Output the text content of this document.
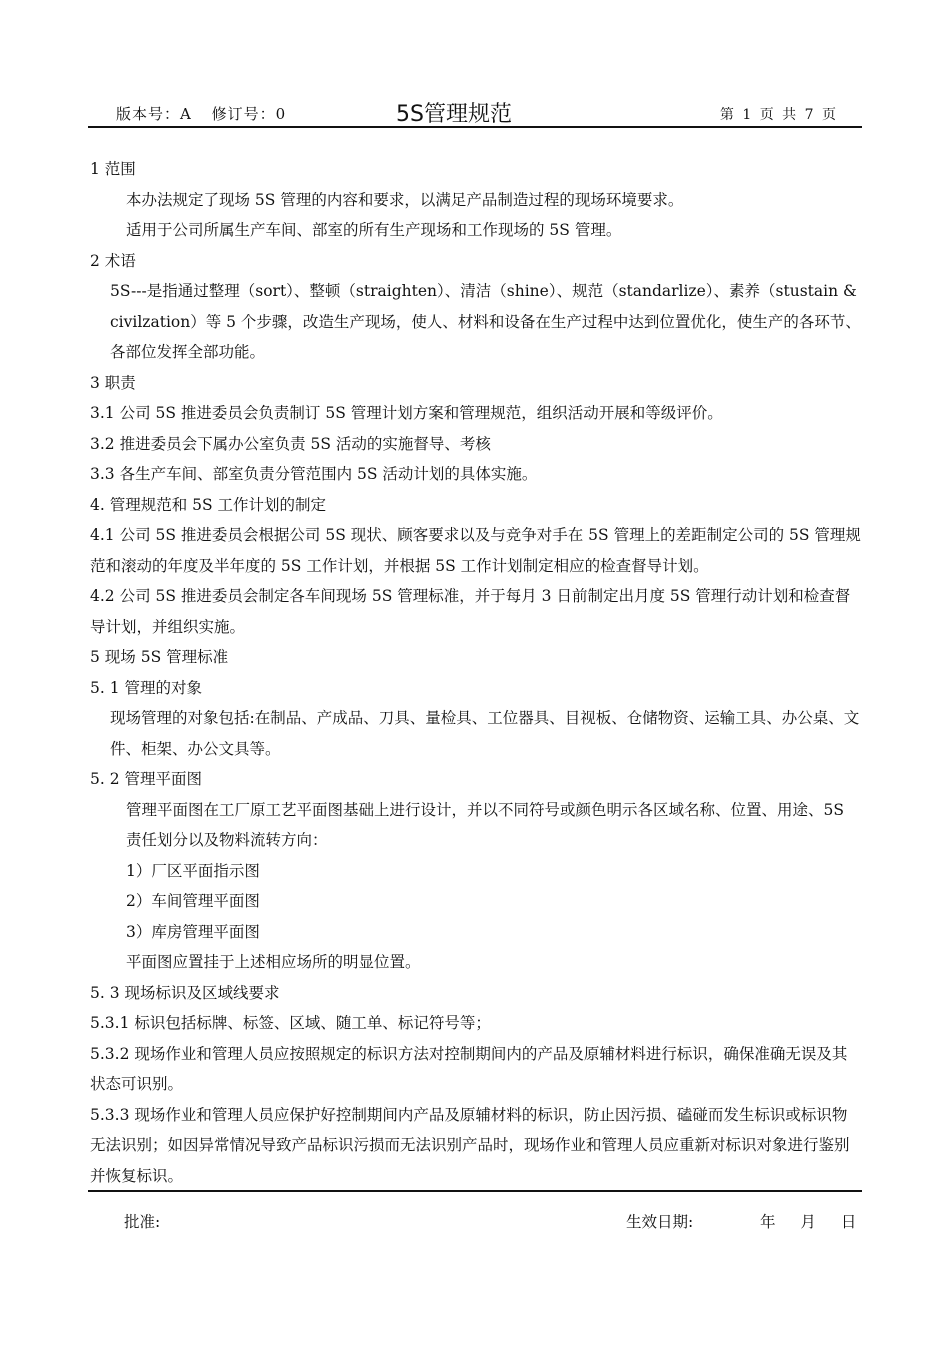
版本号：A 修订号：0	5S管理规范	第 1 页 共 7 页

1 范围

本办法规定了现场 5S 管理的内容和要求，以满足产品制造过程的现场环境要求。

适用于公司所属生产车间、部室的所有生产现场和工作现场的 5S 管理。

2 术语

5S---是指通过整理（sort）、整顿（straighten）、清洁（shine）、规范（standarlize）、素养（stustain & civilzation）等 5 个步骤，改造生产现场，使人、材料和设备在生产过程中达到位置优化，使生产的各环节、各部位发挥全部功能。

3 职责

3.1 公司 5S 推进委员会负责制订 5S 管理计划方案和管理规范，组织活动开展和等级评价。

3.2 推进委员会下属办公室负责 5S 活动的实施督导、考核

3.3 各生产车间、部室负责分管范围内 5S 活动计划的具体实施。

4. 管理规范和 5S 工作计划的制定

4.1 公司 5S 推进委员会根据公司 5S 现状、顾客要求以及与竞争对手在 5S 管理上的差距制定公司的 5S 管理规范和滚动的年度及半年度的 5S 工作计划，并根据 5S 工作计划制定相应的检查督导计划。

4.2 公司 5S 推进委员会制定各车间现场 5S 管理标准，并于每月 3 日前制定出月度 5S 管理行动计划和检查督导计划，并组织实施。

5 现场 5S 管理标准

5. 1 管理的对象

现场管理的对象包括:在制品、产成品、刀具、量检具、工位器具、目视板、仓储物资、运输工具、办公桌、文件、柜架、办公文具等。

5. 2 管理平面图

管理平面图在工厂原工艺平面图基础上进行设计，并以不同符号或颜色明示各区域名称、位置、用途、5S 责任划分以及物料流转方向：

1）厂区平面指示图

2）车间管理平面图

3）库房管理平面图

平面图应置挂于上述相应场所的明显位置。

5. 3 现场标识及区域线要求

5.3.1 标识包括标牌、标签、区域、随工单、标记符号等；

5.3.2 现场作业和管理人员应按照规定的标识方法对控制期间内的产品及原辅材料进行标识，确保准确无误及其状态可识别。

5.3.3 现场作业和管理人员应保护好控制期间内产品及原辅材料的标识，防止因污损、磕碰而发生标识或标识物无法识别；如因异常情况导致产品标识污损而无法识别产品时，现场作业和管理人员应重新对标识对象进行鉴别并恢复标识。

批准:	生效日期:	年 月 日
